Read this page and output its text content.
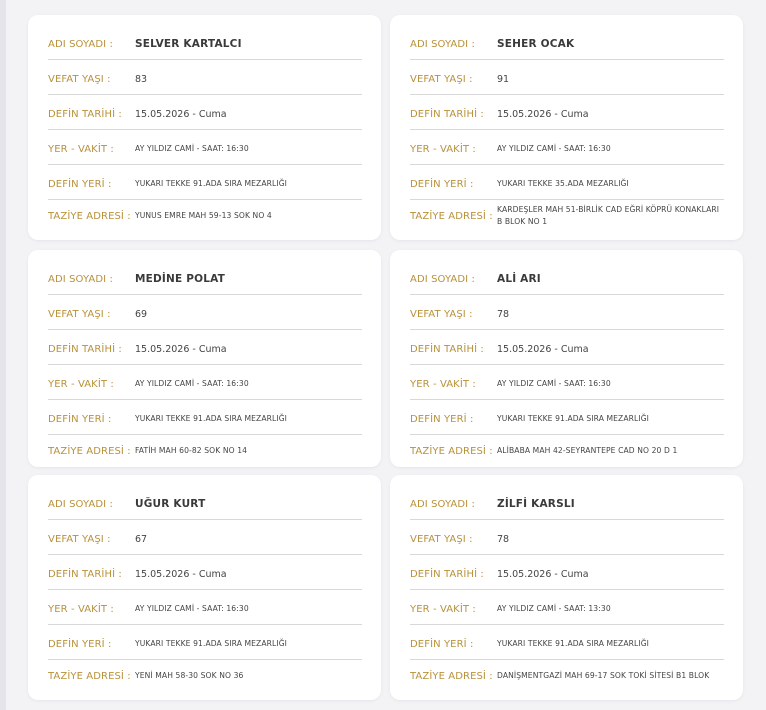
ADI SOYADI :	SELVER KARTALCI
VEFAT YAŞI :	83
DEFİN TARİHİ :	15.05.2026 - Cuma
YER - VAKİT :	AY YILDIZ CAMİ - SAAT: 16:30
DEFİN YERİ :	YUKARI TEKKE 91.ADA SIRA MEZARLIĞI
TAZİYE ADRESİ : YUNUS EMRE MAH 59-13 SOK NO 4
ADI SOYADI :	SEHER OCAK
VEFAT YAŞI :	91
DEFİN TARİHİ :	15.05.2026 - Cuma
YER - VAKİT :	AY YILDIZ CAMİ - SAAT: 16:30
DEFİN YERİ :	YUKARI TEKKE 35.ADA MEZARLIĞI
TAZİYE ADRESİ :
KARDEŞLER MAH 51-BİRLİK CAD EĞRİ KÖPRÜ KONAKLARI B BLOK NO 1
ADI SOYADI :	MEDİNE POLAT
VEFAT YAŞI :	69
DEFİN TARİHİ :	15.05.2026 - Cuma
YER - VAKİT :	AY YILDIZ CAMİ - SAAT: 16:30
DEFİN YERİ :	YUKARI TEKKE 91.ADA SIRA MEZARLIĞI
TAZİYE ADRESİ : FATİH MAH 60-82 SOK NO 14
ADI SOYADI :	ALİ ARI
VEFAT YAŞI :	78
DEFİN TARİHİ :	15.05.2026 - Cuma
YER - VAKİT :	AY YILDIZ CAMİ - SAAT: 16:30
DEFİN YERİ :	YUKARI TEKKE 91.ADA SIRA MEZARLIĞI
TAZİYE ADRESİ : ALİBABA MAH 42-SEYRANTEPE CAD NO 20 D 1
ADI SOYADI :	UĞUR KURT
VEFAT YAŞI :	67
DEFİN TARİHİ :	15.05.2026 - Cuma
YER - VAKİT :	AY YILDIZ CAMİ - SAAT: 16:30
DEFİN YERİ :	YUKARI TEKKE 91.ADA SIRA MEZARLIĞI
TAZİYE ADRESİ : YENİ MAH 58-30 SOK NO 36
ADI SOYADI :	ZİLFİ KARSLI
VEFAT YAŞI :	78
DEFİN TARİHİ :	15.05.2026 - Cuma
YER - VAKİT :	AY YILDIZ CAMİ - SAAT: 13:30
DEFİN YERİ :	YUKARI TEKKE 91.ADA SIRA MEZARLIĞI
TAZİYE ADRESİ : DANİŞMENTGAZİ MAH 69-17 SOK TOKİ SİTESİ B1 BLOK
